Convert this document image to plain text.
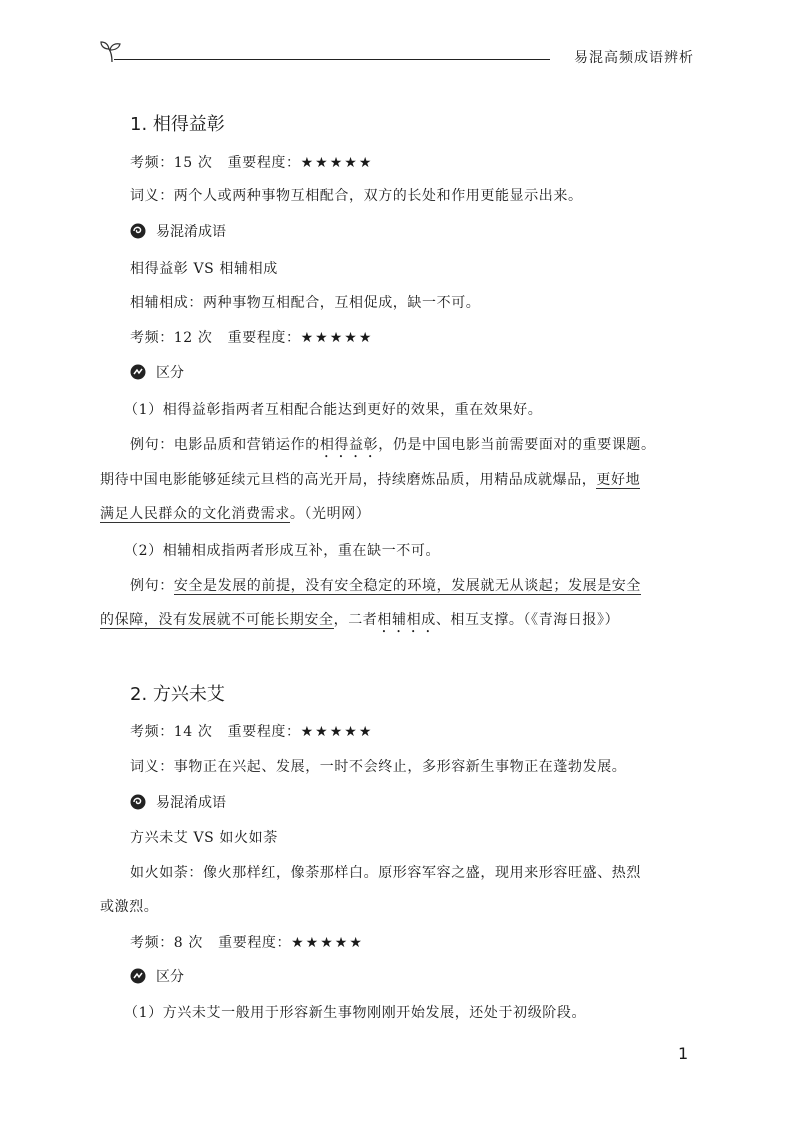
易混高频成语辨析
1. 相得益彰
考频：15 次 重要程度：★★★★★
词义：两个人或两种事物互相配合，双方的长处和作用更能显示出来。
易混淆成语
相得益彰 VS 相辅相成
相辅相成：两种事物互相配合，互相促成，缺一不可。
考频：12 次 重要程度：★★★★★
区分
（1）相得益彰指两者互相配合能达到更好的效果，重在效果好。
例句：电影品质和营销运作的相得益彰，仍是中国电影当前需要面对的重要课题。
期待中国电影能够延续元旦档的高光开局，持续磨炼品质，用精品成就爆品，更好地
满足人民群众的文化消费需求。（光明网）
（2）相辅相成指两者形成互补，重在缺一不可。
例句：安全是发展的前提，没有安全稳定的环境，发展就无从谈起；发展是安全
的保障，没有发展就不可能长期安全，二者相辅相成、相互支撑。（《青海日报》）
2. 方兴未艾
考频：14 次 重要程度：★★★★★
词义：事物正在兴起、发展，一时不会终止，多形容新生事物正在蓬勃发展。
易混淆成语
方兴未艾 VS 如火如荼
如火如荼：像火那样红，像荼那样白。原形容军容之盛，现用来形容旺盛、热烈
或激烈。
考频：8 次 重要程度：★★★★★
区分
（1）方兴未艾一般用于形容新生事物刚刚开始发展，还处于初级阶段。
1
